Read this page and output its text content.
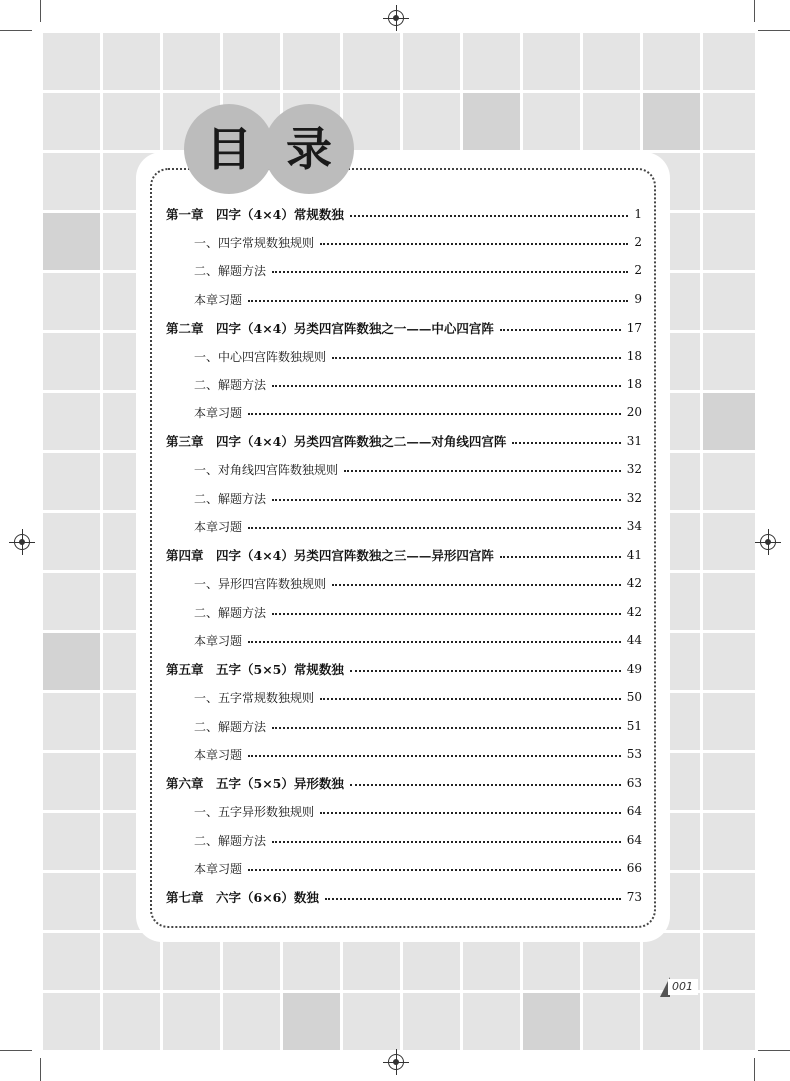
目 录
第一章　四字（4×4）常规数独	1
一、四字常规数独规则	2
二、解题方法	2
本章习题	9
第二章　四字（4×4）另类四宫阵数独之一——中心四宫阵	17
一、中心四宫阵数独规则	18
二、解题方法	18
本章习题	20
第三章　四字（4×4）另类四宫阵数独之二——对角线四宫阵	31
一、对角线四宫阵数独规则	32
二、解题方法	32
本章习题	34
第四章　四字（4×4）另类四宫阵数独之三——异形四宫阵	41
一、异形四宫阵数独规则	42
二、解题方法	42
本章习题	44
第五章　五字（5×5）常规数独	49
一、五字常规数独规则	50
二、解题方法	51
本章习题	53
第六章　五字（5×5）异形数独	63
一、五字异形数独规则	64
二、解题方法	64
本章习题	66
第七章　六字（6×6）数独	73
001
